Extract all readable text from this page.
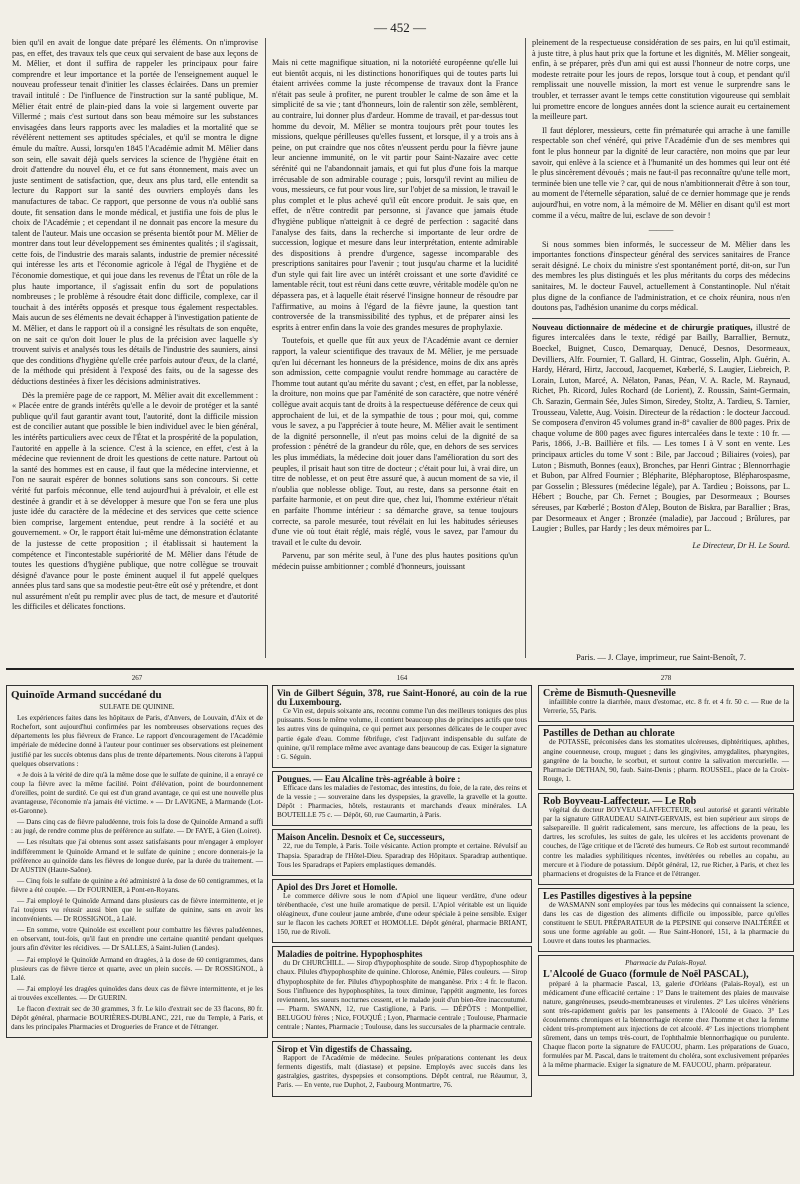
— 452 —

bien qu'il en avait de longue date préparé les éléments. On n'improvise pas, en effet, des travaux tels que ceux qui servaient de base aux leçons de M. Mêlier, et dont il suffira de rappeler les principaux pour faire comprendre et leur importance et la portée de l'enseignement auquel le nouveau professeur tenait d'initier les classes éclairées. Dans un premier travail intitulé : De l'influence de l'instruction sur la santé publique, M. Mêlier était entré de plain-pied dans la voie si largement ouverte par Villermé ; mais c'est surtout dans son beau mémoire sur les substances envisagées dans leurs rapports avec les maladies et la mortalité que se révélèrent nettement ses aptitudes spéciales, et qu'il se montra le digne émule du maître. Aussi, lorsqu'en 1845 l'Académie admit M. Mêlier dans son sein, elle savait déjà quels services la science de l'hygiène était en droit d'attendre du nouvel élu, et ce fut sans étonnement, mais avec un juste sentiment de satisfaction, que, deux ans plus tard, elle entendit sa lecture du Rapport sur la santé des ouvriers employés dans les manufactures de tabac. Ce rapport, que personne de vous n'a oublié sans doute, fit sensation dans le monde médical, et justifia une fois de plus le choix de l'Académie ; et cependant il ne donnait pas encore la mesure du talent de l'auteur. Mais une occasion se présenta bientôt pour M. Mêlier de montrer dans tout leur développement ses éminentes qualités ; il s'agissait, cette fois, de l'industrie des marais salants, industrie de premier nécessité qui intéresse les arts et l'économie agricole à l'égal de l'hygiène et de l'économie domestique, et qui joue dans les revenus de l'État un rôle de la plus haute importance, il s'agissait enfin du sort de populations nombreuses ; le problème à résoudre était donc difficile, complexe, car il touchait à des intérêts opposés et presque tous également respectables. Mais aucun de ses éléments ne devait échapper à l'investigation patiente de M. Mêlier, et dans le rapport où il a consigné les résultats de son enquête, on ne sait ce qu'on doit louer le plus de la précision avec laquelle s'y trouvent suivis et analysés tous les détails de l'industrie des sauniers, ainsi que des conditions d'hygiène qu'elle crée parfois autour d'eux, de la clarté, de la méthode qui président à l'exposé des faits, ou de la sagesse des déductions destinées à fixer les décisions administratives.

Dès la première page de ce rapport, M. Mêlier avait dit excellemment : « Placée entre de grands intérêts qu'elle a le devoir de protéger et la santé publique qu'il faut garantir avant tout, l'autorité, dont la difficile mission est de concilier autant que possible le bien individuel avec le bien général, les intérêts particuliers avec ceux de l'État et la prospérité de la population, l'autorité en appelle à la science. C'est à la science, en effet, c'est à la médecine que reviennent de droit les questions de cette nature. Partout où la santé des hommes est en cause, il faut que la médecine intervienne, et l'on ne saurait espérer de bonnes solutions sans son concours. Si cette vérité fut parfois méconnue, elle tend aujourd'hui à prévaloir, et elle est destinée à grandir et à se développer à mesure que l'on se fera une plus juste idée du caractère de la médecine et des services que cette science bien comprise, largement entendue, peut rendre à la société et au gouvernement. » Or, le rapport était lui-même une démonstration éclatante de la justesse de cette proposition ; il établissait si hautement la compétence et l'incontestable supériorité de M. Mêlier dans l'étude de toutes les questions d'hygiène publique, que notre collègue se trouvait désigné d'avance pour le poste éminent auquel il fut appelé quelques années plus tard sans que sa modestie peut-être eût osé y prétendre, et dont nul assurément n'eût pu remplir avec plus de tact, de mesure et d'autorité les difficiles et délicates fonctions.

Mais ni cette magnifique situation, ni la notoriété européenne qu'elle lui eut bientôt acquis, ni les distinctions honorifiques qui de toutes parts lui étaient arrivées comme la juste récompense de travaux dont la France n'était pas seule à profiter, ne purent troubler le calme de son âme et la simplicité de sa vie ; tant d'honneurs, loin de ralentir son zèle, semblèrent, au contraire, lui donner plus d'ardeur. Homme de travail, et par-dessus tout homme du devoir, M. Mêlier se montra toujours prêt pour toutes les missions, quelque périlleuses qu'elles fussent, et lorsque, il y a trois ans à peine, on put craindre que nos côtes n'eussent perdu pour la fièvre jaune leur ancienne immunité, on le vit partir pour Saint-Nazaire avec cette sérénité qui ne l'abandonnait jamais, et qui fut plus d'une fois la marque irrécusable de son admirable courage ; puis, lorsqu'il revint au milieu de vous, messieurs, ce fut pour vous lire, sur l'objet de sa mission, le travail le plus complet et le plus achevé qu'il eût encore produit. Je sais que, en effet, de n'être contredit par personne, si j'avance que jamais étude d'hygiène publique n'atteignit à ce degré de perfection : sagacité dans l'analyse des faits, dans la recherche si importante de leur ordre de succession, logique et mesure dans leur interprétation, entente admirable des dispositions à prendre d'urgence, sagesse incomparable des prescriptions sanitaires pour l'avenir ; tout jusqu'au charme et la lucidité d'un style qui fait lire avec un intérêt croissant et une sorte d'avidité ce lamentable récit, tout est réuni dans cette œuvre, véritable modèle qu'on ne dépassera pas, et à laquelle était réservé l'insigne honneur de résoudre par l'affirmative, au moins à l'égard de la fièvre jaune, la question tant controversée de la transmissibilité des typhus, et de préparer ainsi les esprits à entrer enfin dans la voie des grandes mesures de prophylaxie.

Toutefois, et quelle que fût aux yeux de l'Académie avant ce dernier rapport, la valeur scientifique des travaux de M. Mêlier, je me persuade qu'en lui décernant les honneurs de la présidence, moins de dix ans après son admission, cette compagnie voulut rendre hommage au caractère de l'homme tout autant qu'au mérite du savant ; c'est, en effet, par la noblesse, la droiture, non moins que par l'aménité de son caractère, que notre vénéré collègue avait acquis tant de droits à la respectueuse déférence de ceux qui approchaient de lui, et de la sympathie de tous ; pour moi, qui, comme vous le savez, a pu l'apprécier à toute heure, M. Mêlier avait le sentiment de la dignité personnelle, il n'eut pas moins celui de la dignité de sa profession : pénétré de la grandeur du rôle, que, en dehors de ses services les plus immédiats, la médecine doit jouer dans l'amélioration du sort des peuples, il prisait haut son titre de docteur ; c'était pour lui, à vrai dire, un titre de noblesse, et on peut être assuré que, à aucun moment de sa vie, il n'oublia que noblesse oblige. Tout, au reste, dans sa personne était en parfaite harmonie, et on peut dire que, chez lui, l'homme extérieur n'était en parfaite l'homme intérieur : sa démarche grave, sa tenue toujours correcte, sa parole mesurée, tout révélait en lui les habitudes sérieuses d'une vie où tout était réglé, mais réglé, vous le savez, par l'amour du travail et le culte du devoir.

Parvenu, par son mérite seul, à l'une des plus hautes positions qu'un médecin puisse ambitionner ; comblé d'honneurs, jouissant

pleinement de la respectueuse considération de ses pairs, en lui qu'il estimait, à juste titre, à plus haut prix que la fortune et les dignités, M. Mêlier songeait, enfin, à se préparer, près d'un ami qui est aussi l'honneur de notre corps, une modeste retraite pour les jours de repos, lorsque tout à coup, et pendant qu'il remplissait une nouvelle mission, la mort est venue le surprendre sans le troubler, et terrasser avant le temps cette constitution vigoureuse qui semblait lui promettre encore de longues années dont la science aurait eu certainement la meilleure part.

Il faut déplorer, messieurs, cette fin prématurée qui arrache à une famille respectable son chef vénéré, qui prive l'Académie d'un de ses membres qui font le plus honneur par la dignité de leur caractère, non moins que par leur savoir, qui enlève à la science et à l'humanité un des hommes qui leur ont été le plus sincèrement dévoués ; mais ne faut-il pas reconnaître qu'une telle mort, terminée bien une telle vie ? car, qui de nous n'ambitionnerait d'être à son tour, au moment de l'éternelle séparation, salué de ce dernier hommage que je rends aujourd'hui, en votre nom, à la mémoire de M. Mêlier en disant qu'il est mort comme il a vécu, maître de lui, esclave de son devoir !

———

Si nous sommes bien informés, le successeur de M. Mêlier dans les importantes fonctions d'inspecteur général des services sanitaires de France serait désigné. Le choix du ministre s'est spontanément porté, dit-on, sur l'un des membres les plus distingués et les plus méritants du corps des médecins sanitaires, M. le docteur Fauvel, actuellement à Constantinople. Nul n'était plus digne de la confiance de l'administration, et ce choix réunira, nous n'en doutons pas, l'adhésion unanime du corps médical.

Nouveau dictionnaire de médecine et de chirurgie pratiques, illustré de figures intercalées dans le texte, rédigé par Bailly, Barrallier, Bernutz, Boeckel, Buignet, Cusco, Demarquay, Denucé, Desnos, Desormeaux, Devilliers, Alfr. Fournier, T. Gallard, H. Gintrac, Gosselin, Alph. Guérin, A. Hardy, Hérard, Hirtz, Jaccoud, Jacquemet, Kœberlé, S. Laugier, Liebreich, P. Lorain, Luton, Marcé, A. Nélaton, Panas, Péan, V. A. Racle, M. Raynaud, Richet, Ph. Ricord, Jules Rochard (de Lorient), Z. Roussin, Saint-Germain, Ch. Sarazin, Germain Sée, Jules Simon, Siredey, Stoltz, A. Tardieu, S. Tarnier, Trousseau, Valette, Aug. Voisin. Directeur de la rédaction : le docteur Jaccoud. Se composera d'environ 45 volumes grand in-8° cavalier de 800 pages. Prix de chaque volume de 800 pages avec figures intercalées dans le texte : 10 fr. — Paris, 1866, J.-B. Baillière et fils. — Les tomes I à V sont en vente. Les principaux articles du tome V sont : Bile, par Jaccoud ; Biliaires (voies), par Luton ; Bismuth, Bonnes (eaux), Bronches, par Henri Gintrac ; Blennorrhagie et Bubon, par Alfred Fournier ; Blépharite, Blépharoptose, Blépharospasme, par Gosselin ; Blessures (médecine légale), par A. Tardieu ; Boissons, par L. Hébert ; Bouche, par Ch. Fernet ; Bougies, par Desormeaux ; Bourses séreuses, par Kœberlé ; Boston d'Alep, Bouton de Biskra, par Barallier ; Bras, par Desormeaux et Anger ; Bronzée (maladie), par Jaccoud ; Brûlures, par Laugier ; Bulles, par Hardy ; les deux mémoires par L.

Le Directeur, Dr H. Le Sourd.
Paris. — J. Claye, imprimeur, rue Saint-Benoît, 7.
267
Quinoïde Armand succédané du
SULFATE DE QUININE.
Les expériences faites dans les hôpitaux de Paris, d'Anvers, de Louvain, d'Aix et de Rochefort, sont aujourd'hui confirmées par les nombreuses observations reçues des départements les plus fiévreux de France. Le rapport d'encouragement de l'Académie impériale de médecine donné à l'auteur pour continuer ses observations est pleinement justifié par les succès obtenus dans plus de trente départements. Nous citerons à l'appui quelques observations :
« Je dois à la vérité de dire qu'à la même dose que le sulfate de quinine, il a enrayé ce coup la fièvre avec la même facilité. Point d'élévation, point de bourdonnement d'oreilles, point de surdité. Ce qui est d'un grand avantage, ce qui est une nouvelle plus avantageuse, l'économie n'a jamais été victime. » — Dr LAVIGNE, à Marmande (Lot-et-Garonne).
— Dans cinq cas de fièvre paludéenne, trois fois la dose de Quinoïde Armand a suffi : au jugé, de rendre comme plus de préférence au sulfate. — Dr FAYE, à Gien (Loiret).
— Les résultats que j'ai obtenus sont assez satisfaisants pour m'engager à employer indifféremment le Quinoïde Armand et le sulfate de quinine ; encore donnerais-je la préférence au quinoïde dans les fièvres de longue durée, par la durée du traitement. — Dr AUSTIN (Haute-Saône).
— Cinq fois le sulfate de quinine a été administré à la dose de 60 centigrammes, et la fièvre a été coupée. — Dr FOURNIER, à Pont-en-Royans.
— J'ai employé le Quinoïde Armand dans plusieurs cas de fièvre intermittente, et je l'ai toujours vu réussir aussi bien que le sulfate de quinine, sans en avoir les inconvénients. — Dr ROSSIGNOL, à Lalé.
— En somme, votre Quinoïde est excellent pour combattre les fièvres paludéennes, en observant, tout-fois, qu'il faut en prendre une certaine quantité pendant quelques jours afin d'éviter les récidives. — Dr SALLES, à Saint-Julien (Landes).
— J'ai employé le Quinoïde Armand en dragées, à la dose de 60 centigrammes, dans plusieurs cas de fièvre tierce et quarte, avec un plein succès. — Dr ROSSIGNOL, à Lalé.
— J'ai employé les dragées quinoïdes dans deux cas de fièvre intermittente, et je les ai trouvées excellentes. — Dr GUERIN.
Le flacon d'extrait sec de 30 grammes, 3 fr. Le kilo d'extrait sec de 33 flacons, 80 fr. Dépôt général, pharmacie BOURIÈRES-DUBLANC, 221, rue du Temple, à Paris, et dans les principales Pharmacies et Drogueries de France et de l'étranger.
164
Vin de Gilbert Séguin, 378, rue Saint-Honoré, au coin de la rue du Luxembourg.
Ce Vin est, depuis soixante ans, reconnu comme l'un des meilleurs toniques des plus puissants. Sous le même volume, il contient beaucoup plus de principes actifs que tous les autres vins de quinquina, ce qui permet aux personnes délicates de le couper avec partie égale d'eau. Comme fébrifuge, c'est l'adjuvant indispensable du sulfate de quinine, qu'il remplace même avec avantage dans beaucoup de cas. Exiger la signature : G. Séguin.
Pougues. — Eau Alcaline très-agréable à boire :
Efficace dans les maladies de l'estomac, des intestins, du foie, de la rate, des reins et de la vessie ; — souveraine dans les dyspepsies, la gravelle, la gravelle et la goutte. Dépôt : Pharmacies, hôtels, restaurants et marchands d'eaux minérales. LA BOUTEILLE 75 c. — Dépôt, 60, rue Caumartin, à Paris.
Maison Ancelin. Desnoix et Ce, successeurs,
22, rue du Temple, à Paris. Toile vésicante. Action prompte et certaine. Révulsif au Thapsia. Sparadrap de l'Hôtel-Dieu. Sparadrap des Hôpitaux. Sparadrap authentique. Tous les Sparadraps et Papiers emplastiques demandés.
Apiol des Drs Joret et Homolle.
Le commerce délivre sous le nom d'Apiol une liqueur verdâtre, d'une odeur térébenthacée, c'est une huile aromatique de persil. L'Apiol véritable est un liquide oléagineux, d'une couleur jaune ambrée, d'une odeur spéciale à peine sensible. Exiger sur le flacon les cachets JORET et HOMOLLE. Dépôt général, pharmacie BRIANT, 150, rue de Rivoli.
Maladies de poitrine. Hypophosphites
du Dr CHURCHILL. — Sirop d'hypophosphite de soude. Sirop d'hypophosphite de chaux. Pilules d'hypophosphite de quinine. Chlorose, Anémie, Pâles couleurs. — Sirop d'hypophosphite de fer. Pilules d'hypophosphite de manganèse. Prix : 4 fr. le flacon. Sous l'influence des hypophosphites, la toux diminue, l'appétit augmente, les forces reviennent, les sueurs nocturnes cessent, et le malade jouit d'un bien-être inaccoutumé. — Pharm. SWANN, 12, rue Castiglione, à Paris. — DÉPÔTS : Montpellier, BELUGOU frères ; Nice, FOUQUÉ ; Lyon, Pharmacie centrale ; Toulouse, Pharmacie centrale ; Nantes, Pharmacie ; Toulouse, dans les succursales de la pharmacie centrale.
Sirop et Vin digestifs de Chassaing.
Rapport de l'Académie de médecine. Seules préparations contenant les deux ferments digestifs, malt (diastase) et pepsine. Employés avec succès dans les gastralgies, gastrites, dyspepsies et consomptions. Dépôt central, rue Réaumur, 3, Paris. — En vente, rue Duphot, 2, Faubourg Montmartre, 76.
278
Crème de Bismuth-Quesneville
infaillible contre la diarrhée, maux d'estomac, etc. 8 fr. et 4 fr. 50 c. — Rue de la Verrerie, 55, Paris.
Pastilles de Dethan au chlorate
de POTASSE, préconisées dans les stomatites ulcéreuses, diphtéritiques, aphthes, angine couenneuse, croup, muguet ; dans les gingivites, amygdalites, pharyngites, gangrène de la bouche, le scorbut, et surtout contre la salivation mercurielle. — Pharmacie DETHAN, 90, faub. Saint-Denis ; pharm. ROUSSEL, place de la Croix-Rouge, 1.
Rob Boyveau-Laffecteur. — Le Rob
végétal du docteur BOYVEAU-LAFFECTEUR, seul autorisé et garanti véritable par la signature GIRAUDEAU SAINT-GERVAIS, est bien supérieur aux sirops de salsepareille. Il guérit radicalement, sans mercure, les affections de la peau, les dartres, les scrofules, les suites de gale, les ulcères et les accidents provenant de couches, de l'âge critique et de l'âcreté des humeurs. Ce Rob est surtout recommandé contre les maladies syphilitiques récentes, invétérées ou rebelles au copahu, au mercure et à l'iodure de potassium. Dépôt général, 12, rue Richer, à Paris, et chez les pharmaciens et droguistes de la France et de l'étranger.
Les Pastilles digestives à la pepsine
de WASMANN sont employées par tous les médecins qui connaissent la science, dans les cas de digestion des aliments difficile ou impossible, parce qu'elles constituent le SEUL PRÉPARATEUR de la PEPSINE qui conserve INALTÉRÉE et sous une forme agréable au goût. — Rue Saint-Honoré, 151, à la pharmacie du Louvre et dans toutes les pharmacies.
Pharmacie du Palais-Royal.
L'Alcoolé de Guaco (formule de Noël PASCAL),
préparé à la pharmacie Pascal, 13, galerie d'Orléans (Palais-Royal), est un médicament d'une efficacité certaine : 1° Dans le traitement des plaies de mauvaise nature, gangréneuses, pseudo-membraneuses et virulentes. 2° Les ulcères vénériens sont très-rapidement guéris par les pansements à l'Alcoolé de Guaco. 3° Les écoulements chroniques et la blennorrhagie récente chez l'homme et chez la femme cèdent très-promptement aux injections de cet alcoolé. 4° Les injections triomphent sûrement, dans un temps très-court, de l'ophthalmie blennorrhagique ou purulente. Chaque flacon porte la signature de FAUCOU, pharm. Les préparations de Guaco, formulées par M. Pascal, dans le traitement du choléra, sont exclusivement préparées à la même pharmacie. Exiger la signature de M. FAUCOU, pharm. préparateur.
